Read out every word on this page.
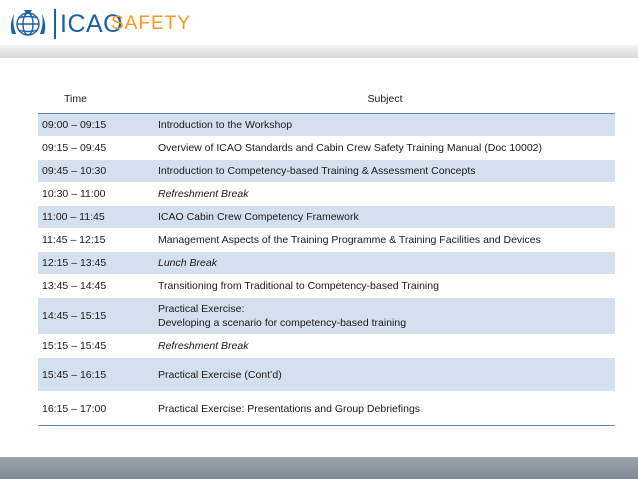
ICAO
SAFETY
Time	Subject
09:00 – 09:15	Introduction to the Workshop
09:15 – 09:45	Overview of ICAO Standards and Cabin Crew Safety Training Manual (Doc 10002)
09:45 – 10:30	Introduction to Competency-based Training & Assessment Concepts
10:30 – 11:00	Refreshment Break
11:00 – 11:45	ICAO Cabin Crew Competency Framework
11:45 – 12:15	Management Aspects of the Training Programme & Training Facilities and Devices
12:15 – 13:45	Lunch Break
13:45 – 14:45	Transitioning from Traditional to Competency-based Training
14:45 – 15:15	Practical Exercise:
Developing a scenario for competency-based training

15:15 – 15:45	Refreshment Break
15:45 – 16:15	Practical Exercise (Cont’d)
16:15 – 17:00	Practical Exercise: Presentations and Group Debriefings
